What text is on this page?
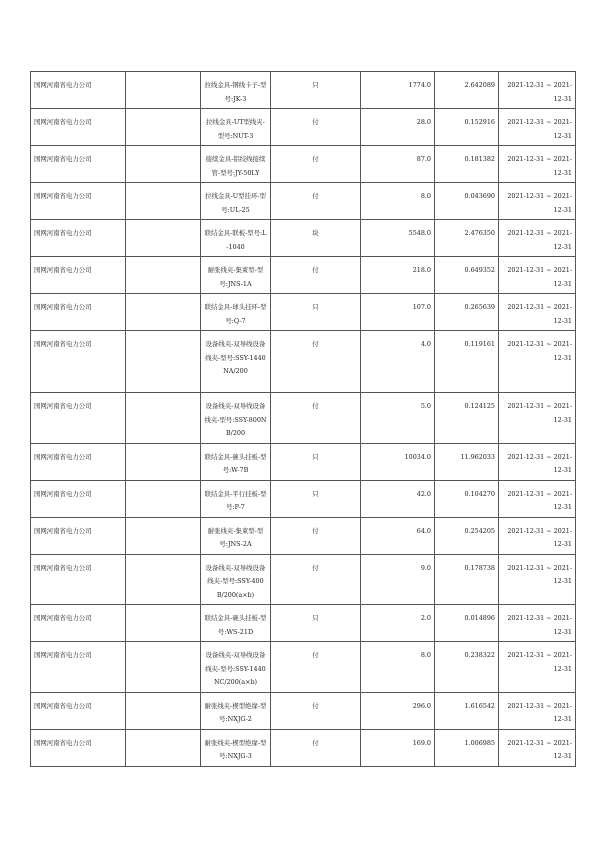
国网河南省电力公司		拉线金具-钢线卡子-型号:JK-3	只	1774.0	2.642089	2021-12-31 ~ 2021-12-31
国网河南省电力公司		拉线金具-UT型线夹-型号:NUT-3	付	28.0	0.152916	2021-12-31 ~ 2021-12-31
国网河南省电力公司		接续金具-铝绞线接续管-型号:JY-50LY	付	87.0	0.181382	2021-12-31 ~ 2021-12-31
国网河南省电力公司		拉线金具-U型挂环-型号:UL-25	付	8.0	0.043690	2021-12-31 ~ 2021-12-31
国网河南省电力公司		联结金具-联板-型号:L-1040	块	5548.0	2.476350	2021-12-31 ~ 2021-12-31
国网河南省电力公司		耐张线夹-集束型-型号:JNS-1A	付	218.0	0.649352	2021-12-31 ~ 2021-12-31
国网河南省电力公司		联结金具-球头挂环-型号:Q-7	只	107.0	0.265639	2021-12-31 ~ 2021-12-31
国网河南省电力公司		设备线夹-双导线设备线夹-型号:SSY-1440NA/200	付	4.0	0.119161	2021-12-31 ~ 2021-12-31
国网河南省电力公司		设备线夹-双导线设备线夹-型号:SSY-800NB/200	付	5.0	0.124125	2021-12-31 ~ 2021-12-31
国网河南省电力公司		联结金具-碗头挂板-型号:W-7B	只	10034.0	11.962033	2021-12-31 ~ 2021-12-31
国网河南省电力公司		联结金具-平行挂板-型号:P-7	只	42.0	0.104270	2021-12-31 ~ 2021-12-31
国网河南省电力公司		耐张线夹-集束型-型号:JNS-2A	付	64.0	0.254205	2021-12-31 ~ 2021-12-31
国网河南省电力公司		设备线夹-双导线设备线夹-型号:SSY-400B/200(a×b)	付	9.0	0.178738	2021-12-31 ~ 2021-12-31
国网河南省电力公司		联结金具-碗头挂板-型号:WS-21D	只	2.0	0.014896	2021-12-31 ~ 2021-12-31
国网河南省电力公司		设备线夹-双导线设备线夹-型号:SSY-1440NC/200(a×b)	付	8.0	0.238322	2021-12-31 ~ 2021-12-31
国网河南省电力公司		耐张线夹-楔型绝缘-型号:NXJG-2	付	296.0	1.616542	2021-12-31 ~ 2021-12-31
国网河南省电力公司		耐张线夹-楔型绝缘-型号:NXJG-3	付	169.0	1.006985	2021-12-31 ~ 2021-12-31
